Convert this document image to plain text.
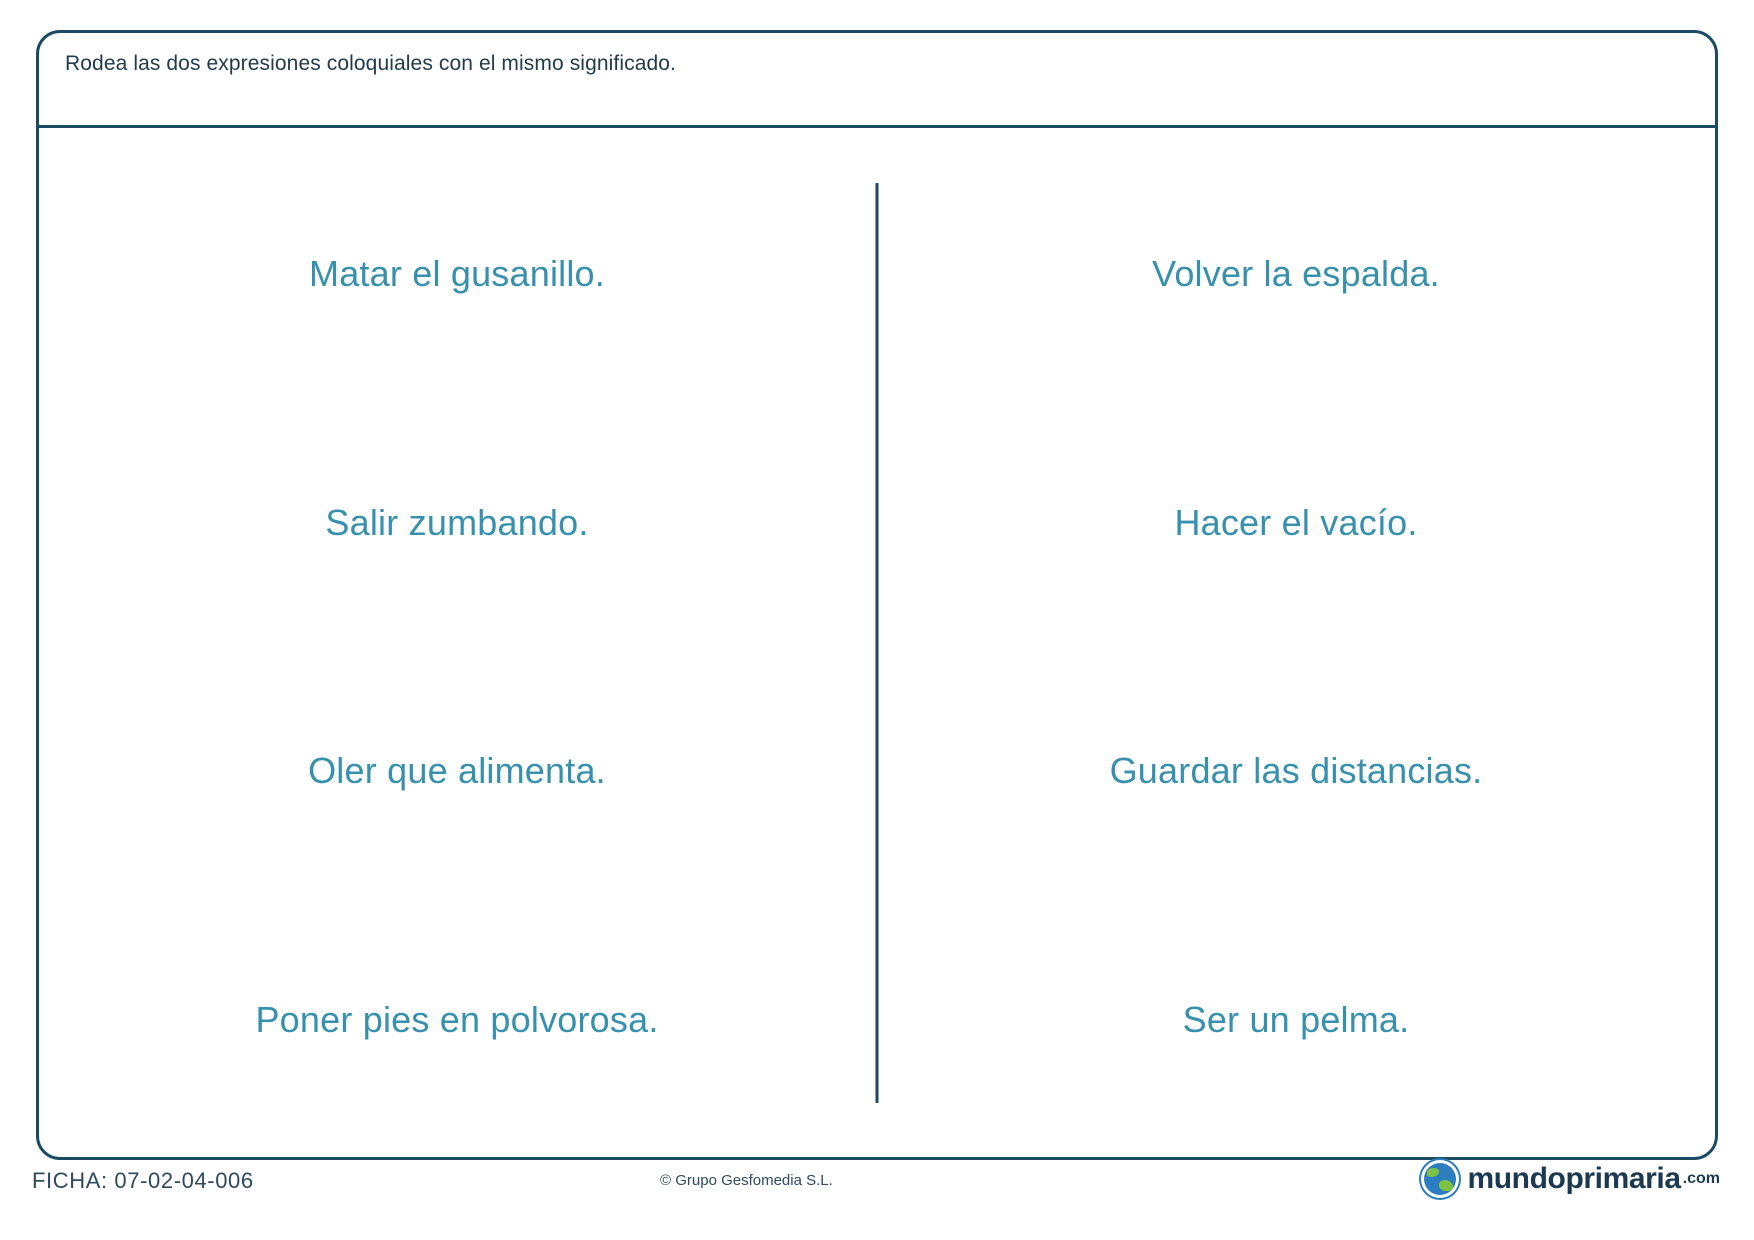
Rodea las dos expresiones coloquiales con el mismo significado.
Matar el gusanillo.
Salir zumbando.
Oler que alimenta.
Poner pies en polvorosa.
Volver la espalda.
Hacer el vacío.
Guardar las distancias.
Ser un pelma.
FICHA: 07-02-04-006	© Grupo Gesfomedia S.L.	mundoprimaria .com
